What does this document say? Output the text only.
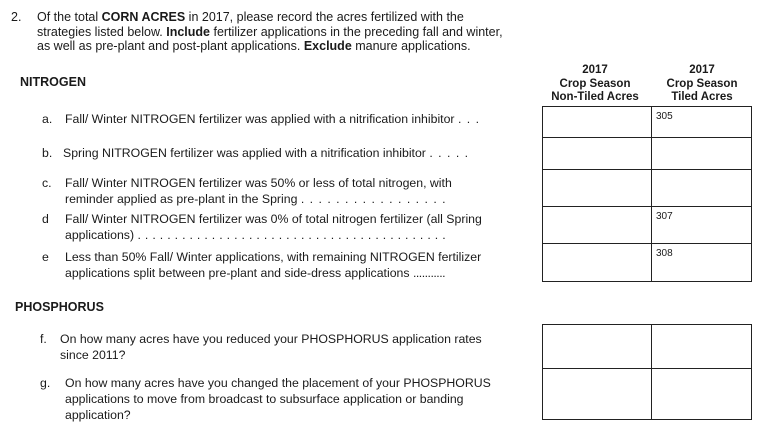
2. Of the total CORN ACRES in 2017, please record the acres fertilized with the
strategies listed below. Include fertilizer applications in the preceding fall and winter,
as well as pre-plant and post-plant applications. Exclude manure applications.
2017
Crop Season
Non-Tiled Acres
2017
Crop Season
Tiled Acres
NITROGEN
a. Fall/ Winter NITROGEN fertilizer was applied with a nitrification inhibitor . . .
b. Spring NITROGEN fertilizer was applied with a nitrification inhibitor . . . . .
c. Fall/ Winter NITROGEN fertilizer was 50% or less of total nitrogen, with
reminder applied as pre-plant in the Spring . . . . . . . . . . . . . . . . .
d Fall/ Winter NITROGEN fertilizer was 0% of total nitrogen fertilizer (all Spring
applications) . . . . . . . . . . . . . . . . . . . . . . . . . . . . . . . . . . . . . . . . . .
e Less than 50% Fall/ Winter applications, with remaining NITROGEN fertilizer
applications split between pre-plant and side-dress applications ...........
PHOSPHORUS
f. On how many acres have you reduced your PHOSPHORUS application rates
since 2011?
g. On how many acres have you changed the placement of your PHOSPHORUS
applications to move from broadcast to subsurface application or banding
application?
305
307
308
